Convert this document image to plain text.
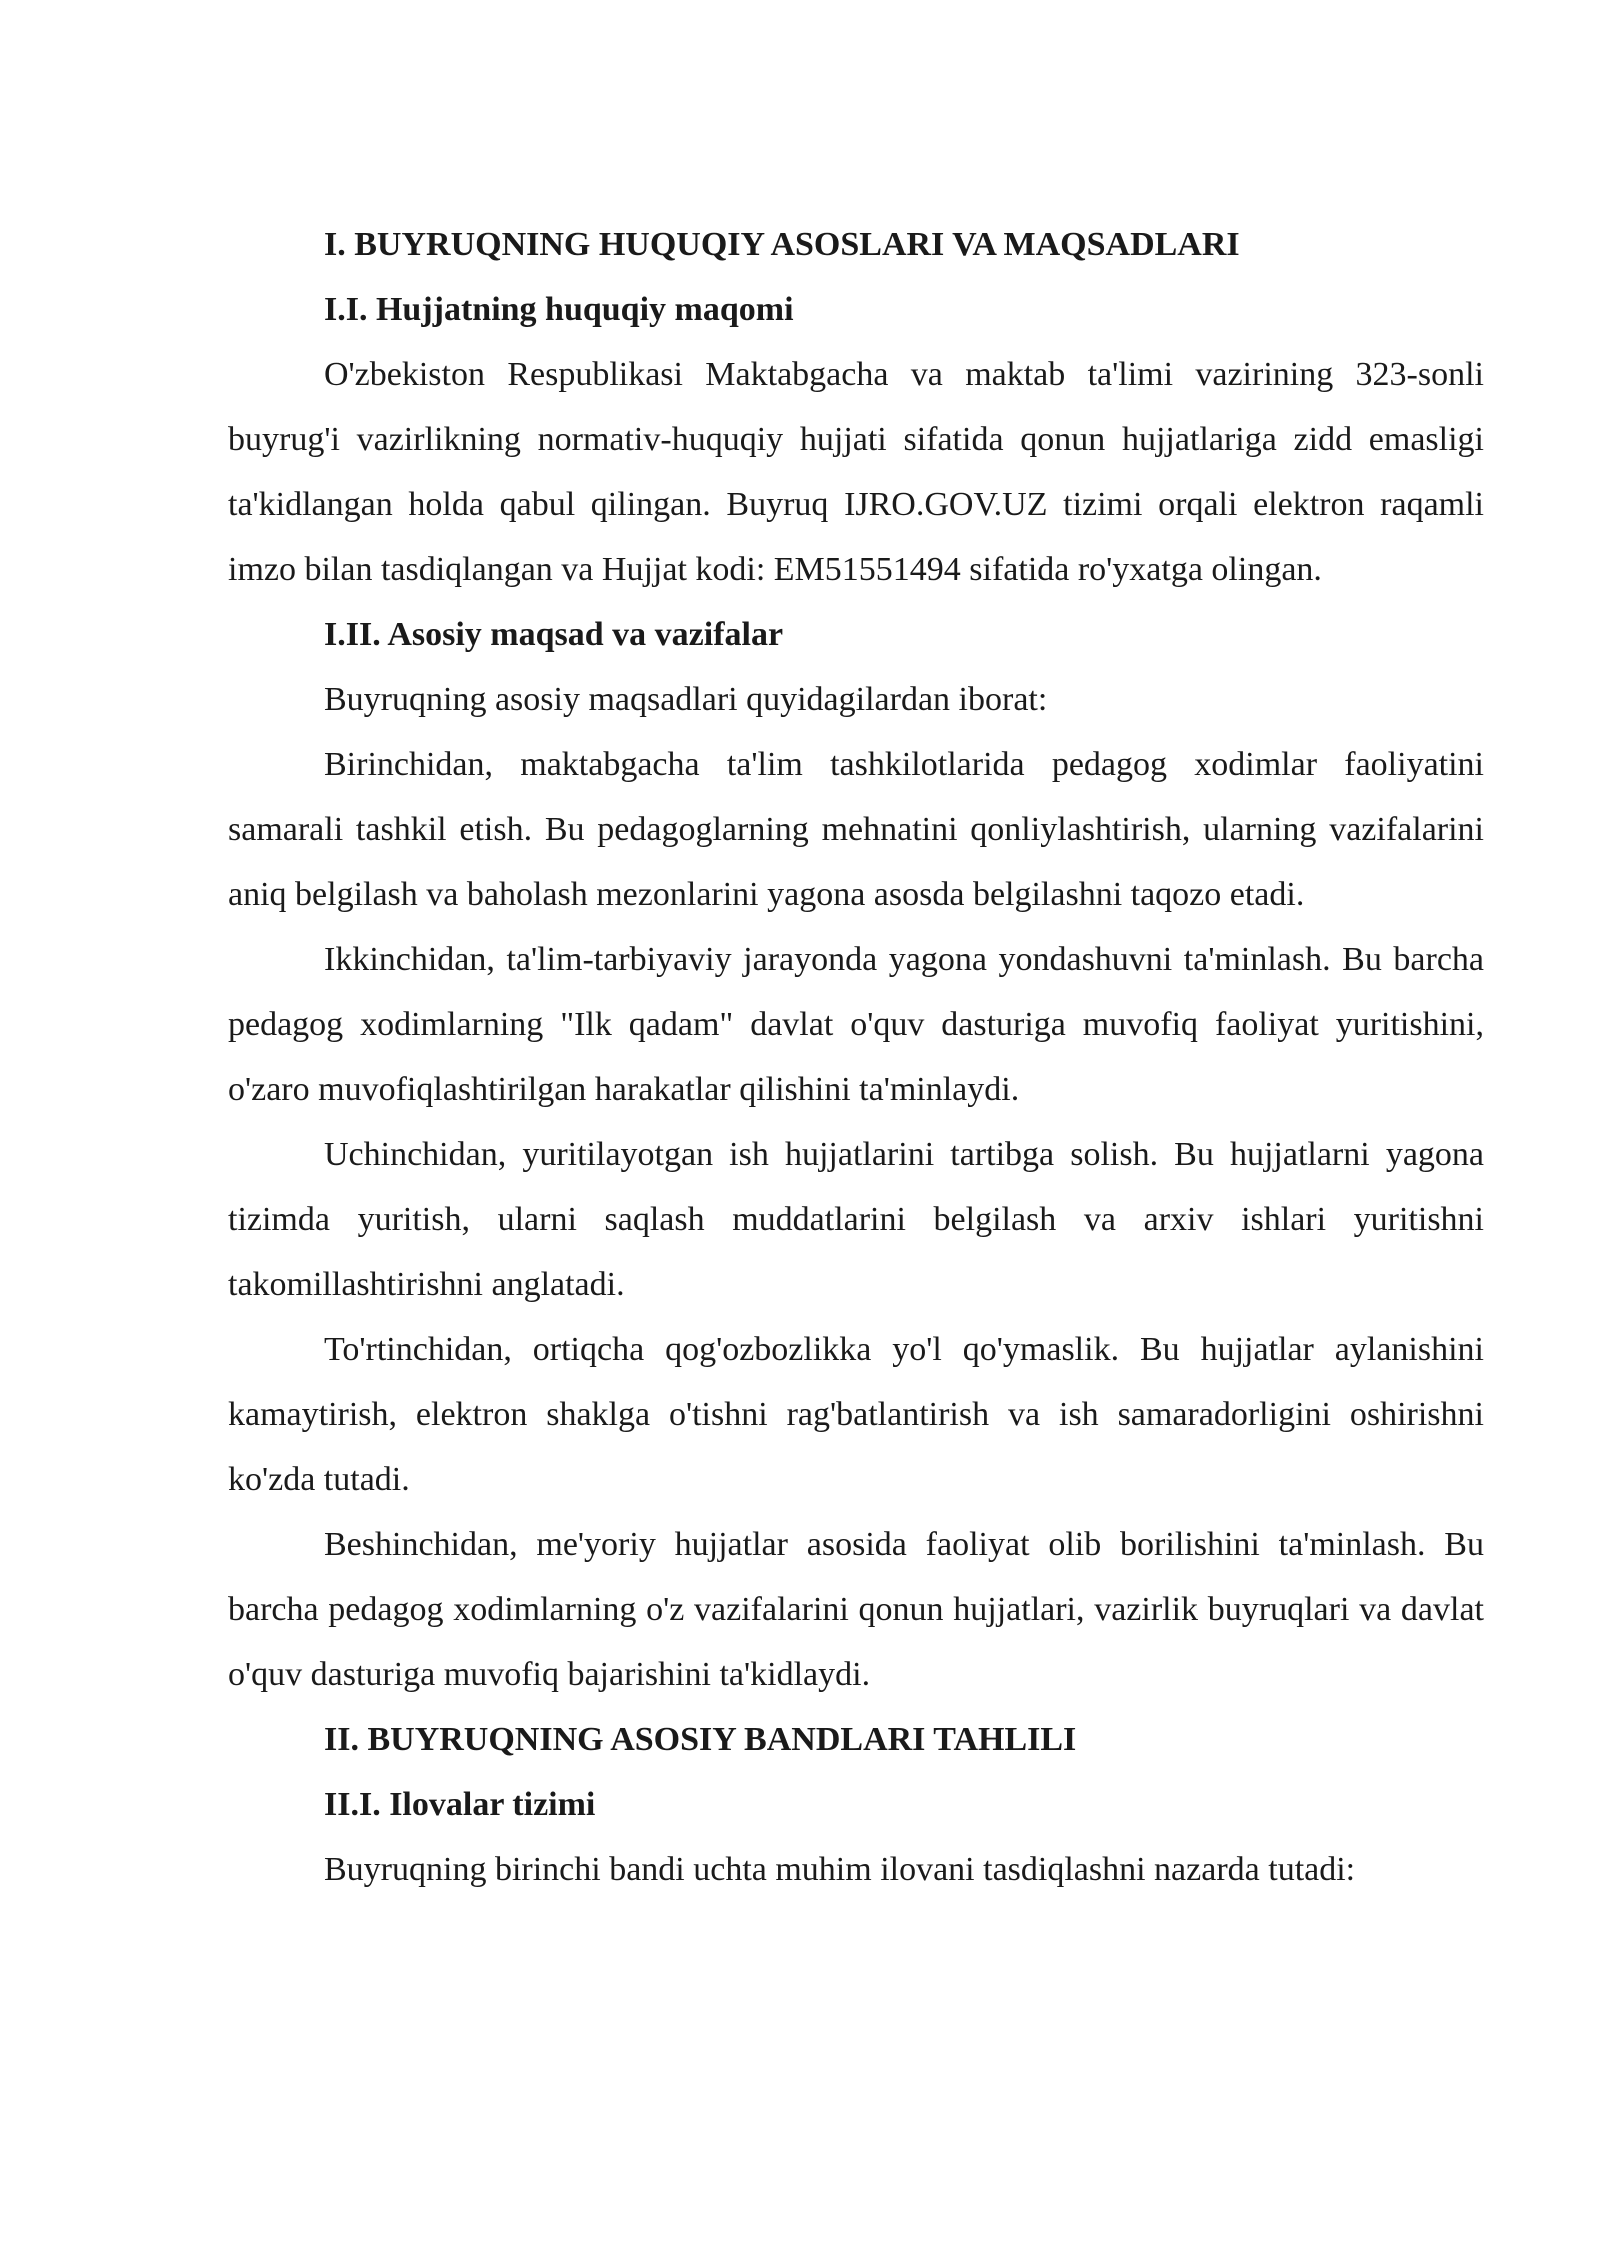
I. BUYRUQNING HUQUQIY ASOSLARI VA MAQSADLARI
I.I. Hujjatning huquqiy maqomi

O'zbekiston Respublikasi Maktabgacha va maktab ta'limi vazirining 323-sonli buyrug'i vazirlikning normativ-huquqiy hujjati sifatida qonun hujjatlariga zidd emasligi ta'kidlangan holda qabul qilingan. Buyruq IJRO.GOV.UZ tizimi orqali elektron raqamli imzo bilan tasdiqlangan va Hujjat kodi: EM51551494 sifatida ro'yxatga olingan.

I.II. Asosiy maqsad va vazifalar

Buyruqning asosiy maqsadlari quyidagilardan iborat:

Birinchidan, maktabgacha ta'lim tashkilotlarida pedagog xodimlar faoliyatini samarali tashkil etish. Bu pedagoglarning mehnatini qonliylashtirish, ularning vazifalarini aniq belgilash va baholash mezonlarini yagona asosda belgilashni taqozo etadi.

Ikkinchidan, ta'lim-tarbiyaviy jarayonda yagona yondashuvni ta'minlash. Bu barcha pedagog xodimlarning "Ilk qadam" davlat o'quv dasturiga muvofiq faoliyat yuritishini, o'zaro muvofiqlashtirilgan harakatlar qilishini ta'minlaydi.

Uchinchidan, yuritilayotgan ish hujjatlarini tartibga solish. Bu hujjatlarni yagona tizimda yuritish, ularni saqlash muddatlarini belgilash va arxiv ishlari yuritishni takomillashtirishni anglatadi.

To'rtinchidan, ortiqcha qog'ozbozlikka yo'l qo'ymaslik. Bu hujjatlar aylanishini kamaytirish, elektron shaklga o'tishni rag'batlantirish va ish samaradorligini oshirishni ko'zda tutadi.

Beshinchidan, me'yoriy hujjatlar asosida faoliyat olib borilishini ta'minlash. Bu barcha pedagog xodimlarning o'z vazifalarini qonun hujjatlari, vazirlik buyruqlari va davlat o'quv dasturiga muvofiq bajarishini ta'kidlaydi.

II. BUYRUQNING ASOSIY BANDLARI TAHLILI
II.I. Ilovalar tizimi

Buyruqning birinchi bandi uchta muhim ilovani tasdiqlashni nazarda tutadi:
